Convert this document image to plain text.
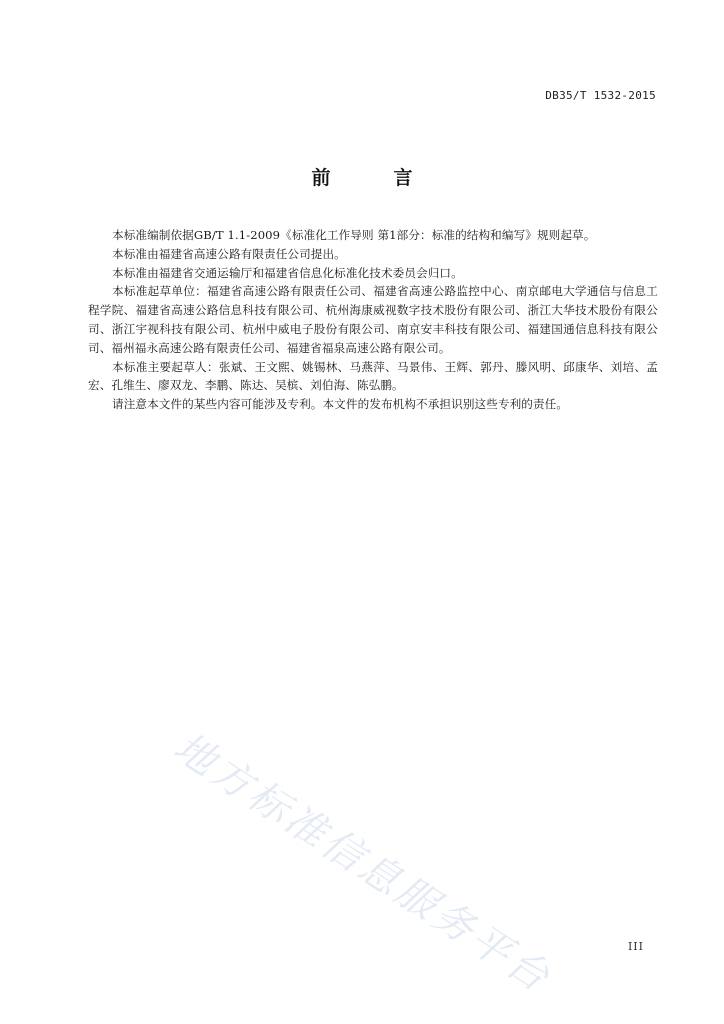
DB35/T 1532-2015
前　言

本标准编制依据GB/T 1.1-2009《标准化工作导则 第1部分：标准的结构和编写》规则起草。

本标准由福建省高速公路有限责任公司提出。

本标准由福建省交通运输厅和福建省信息化标准化技术委员会归口。

本标准起草单位：福建省高速公路有限责任公司、福建省高速公路监控中心、南京邮电大学通信与信息工程学院、福建省高速公路信息科技有限公司、杭州海康威视数字技术股份有限公司、浙江大华技术股份有限公司、浙江宇视科技有限公司、杭州中威电子股份有限公司、南京安丰科技有限公司、福建国通信息科技有限公司、福州福永高速公路有限责任公司、福建省福泉高速公路有限公司。

本标准主要起草人：张斌、王文熙、姚锡林、马燕萍、马景伟、王辉、郭丹、滕风明、邱康华、刘培、孟宏、孔维生、廖双龙、李鹏、陈达、吴槟、刘伯海、陈弘鹏。

请注意本文件的某些内容可能涉及专利。本文件的发布机构不承担识别这些专利的责任。

地方标准信息服务平台	III
